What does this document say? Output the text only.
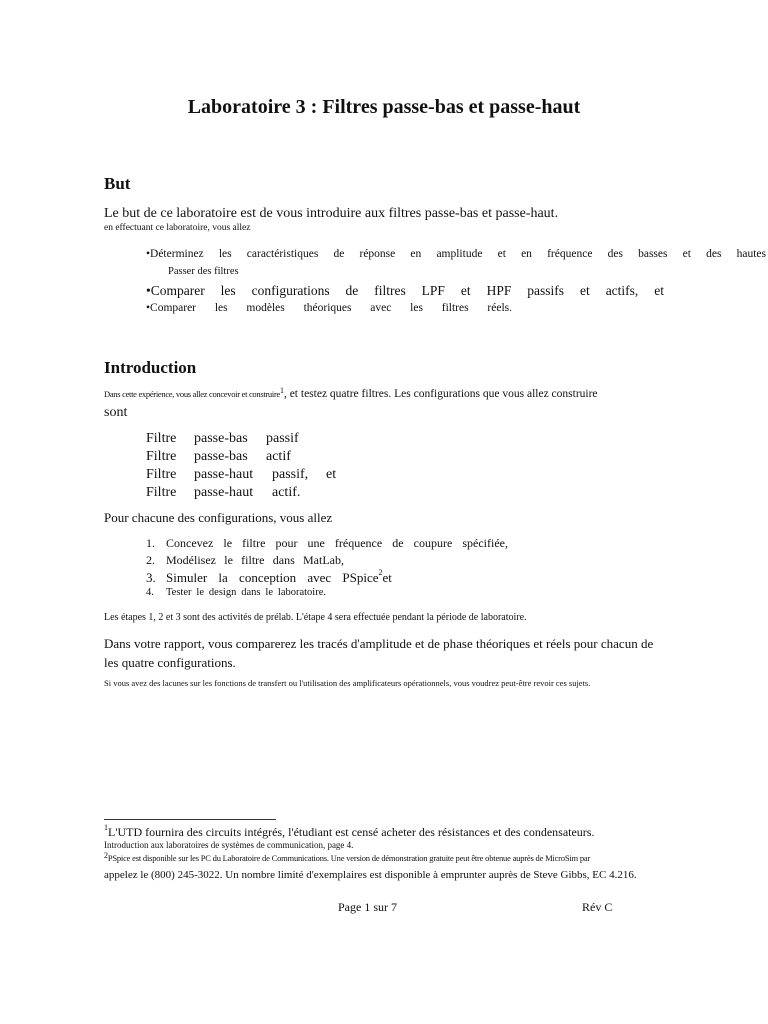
Laboratoire 3 : Filtres passe-bas et passe-haut
But
Le but de ce laboratoire est de vous introduire aux filtres passe-bas et passe-haut.
en effectuant ce laboratoire, vous allez
•Déterminez les caractéristiques de réponse en amplitude et en fréquence des basses et des hautes
Passer des filtres
•Comparer les configurations de filtres LPF et HPF passifs et actifs, et
•Comparer les modèles théoriques avec les filtres réels.
Introduction
Dans cette expérience, vous allez concevoir et construire$^1$, et testez quatre filtres. Les configurations que vous allez construire
sont
Filtre passe-bas passif
Filtre passe-bas actif
Filtre passe-haut passif, et
Filtre passe-haut actif.
Pour chacune des configurations, vous allez
1. Concevez le filtre pour une fréquence de coupure spécifiée,
2. Modélisez le filtre dans MatLab,
3. Simuler la conception avec PSpice$^2$et
4. Tester le design dans le laboratoire.
Les étapes 1, 2 et 3 sont des activités de prélab. L'étape 4 sera effectuée pendant la période de laboratoire.
Dans votre rapport, vous comparerez les tracés d'amplitude et de phase théoriques et réels pour chacun de
les quatre configurations.
Si vous avez des lacunes sur les fonctions de transfert ou l'utilisation des amplificateurs opérationnels, vous voudrez peut-être revoir ces sujets.
$^1$L'UTD fournira des circuits intégrés, l'étudiant est censé acheter des résistances et des condensateurs.
Introduction aux laboratoires de systèmes de communication, page 4.
$^2$PSpice est disponible sur les PC du Laboratoire de Communications. Une version de démonstration gratuite peut être obtenue auprès de MicroSim par
appelez le (800) 245-3022. Un nombre limité d'exemplaires est disponible à emprunter auprès de Steve Gibbs, EC 4.216.
Page 1 sur 7	Rév C
